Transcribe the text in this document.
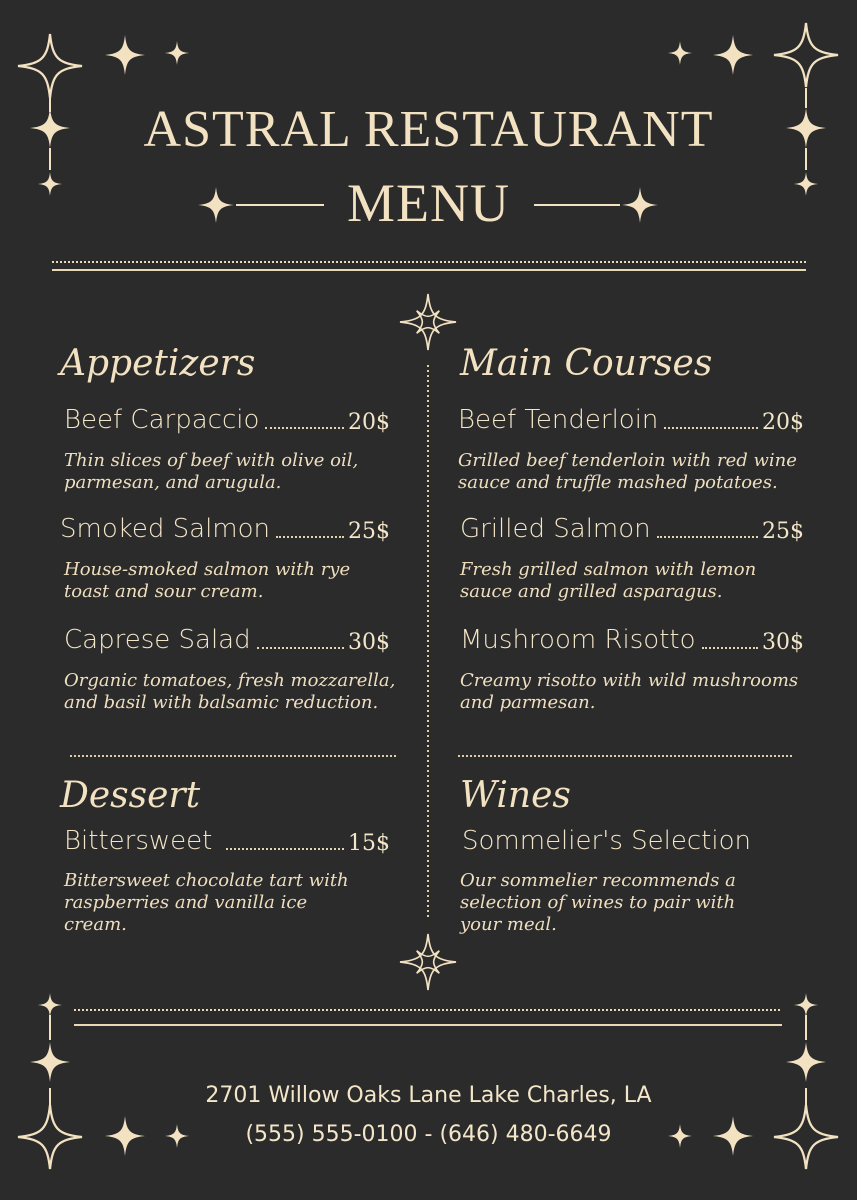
ASTRAL RESTAURANT
MENU
Appetizers
Beef Carpaccio	20$
Thin slices of beef with olive oil,
parmesan, and arugula.
Smoked Salmon	25$
House-smoked salmon with rye
toast and sour cream.
Caprese Salad	30$
Organic tomatoes, fresh mozzarella,
and basil with balsamic reduction.
Main Courses
Beef Tenderloin	20$
Grilled beef tenderloin with red wine
sauce and truffle mashed potatoes.
Grilled Salmon	25$
Fresh grilled salmon with lemon
sauce and grilled asparagus.
Mushroom Risotto	30$
Creamy risotto with wild mushrooms
and parmesan.
Dessert
Bittersweet	15$
Bittersweet chocolate tart with
raspberries and vanilla ice
cream.
Wines
Sommelier's Selection
Our sommelier recommends a
selection of wines to pair with
your meal.
2701 Willow Oaks Lane Lake Charles, LA
(555) 555-0100 - (646) 480-6649
